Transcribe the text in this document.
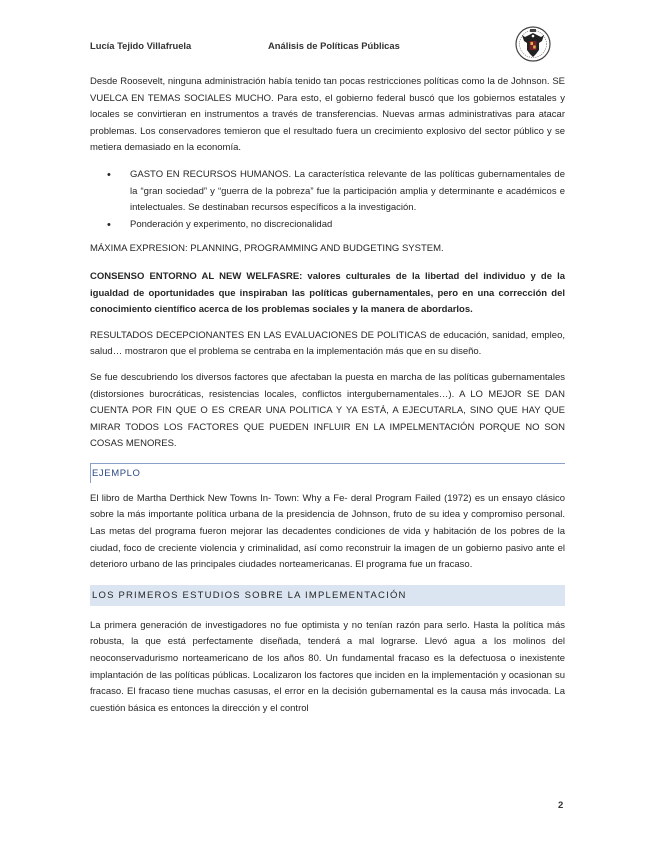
Lucía Tejido Villafruela	Análisis de Políticas Públicas

Desde Roosevelt, ninguna administración había tenido tan pocas restricciones políticas como la de Johnson. SE VUELCA EN TEMAS SOCIALES MUCHO. Para esto, el gobierno federal buscó que los gobiernos estatales y locales se convirtieran en instrumentos a través de transferencias. Nuevas armas administrativas para atacar problemas. Los conservadores temieron que el resultado fuera un crecimiento explosivo del sector público y se metiera demasiado en la economía.

• GASTO EN RECURSOS HUMANOS. La característica relevante de las políticas gubernamentales de la “gran sociedad” y “guerra de la pobreza” fue la participación amplia y determinante e académicos e intelectuales. Se destinaban recursos específicos a la investigación.
• Ponderación y experimento, no discrecionalidad

MÁXIMA EXPRESION: PLANNING, PROGRAMMING AND BUDGETING SYSTEM.

CONSENSO ENTORNO AL NEW WELFASRE: valores culturales de la libertad del individuo y de la igualdad de oportunidades que inspiraban las políticas gubernamentales, pero en una corrección del conocimiento científico acerca de los problemas sociales y la manera de abordarlos.

RESULTADOS DECEPCIONANTES EN LAS EVALUACIONES DE POLITICAS de educación, sanidad, empleo, salud… mostraron que el problema se centraba en la implementación más que en su diseño.

Se fue descubriendo los diversos factores que afectaban la puesta en marcha de las políticas gubernamentales (distorsiones burocráticas, resistencias locales, conflictos intergubernamentales…). A LO MEJOR SE DAN CUENTA POR FIN QUE O ES CREAR UNA POLITICA Y YA ESTÁ, A EJECUTARLA, SINO QUE HAY QUE MIRAR TODOS LOS FACTORES QUE PUEDEN INFLUIR EN LA IMPELMENTACIÓN PORQUE NO SON COSAS MENORES.

EJEMPLO

El libro de Martha Derthick New Towns In- Town: Why a Fe- deral Program Failed (1972) es un ensayo clásico sobre la más importante política urbana de la presidencia de Johnson, fruto de su idea y compromiso personal. Las metas del programa fueron mejorar las decadentes condiciones de vida y habitación de los pobres de la ciudad, foco de creciente violencia y criminalidad, así como reconstruir la imagen de un gobierno pasivo ante el deterioro urbano de las principales ciudades norteamericanas. El programa fue un fracaso.

LOS PRIMEROS ESTUDIOS SOBRE LA IMPLEMENTACIÓN

La primera generación de investigadores no fue optimista y no tenían razón para serlo. Hasta la política más robusta, la que está perfectamente diseñada, tenderá a mal lograrse. Llevó agua a los molinos del neoconservadurismo norteamericano de los años 80. Un fundamental fracaso es la defectuosa o inexistente implantación de las políticas públicas. Localizaron los factores que inciden en la implementación y ocasionan su fracaso. El fracaso tiene muchas casusas, el error en la decisión gubernamental es la causa más invocada. La cuestión básica es entonces la dirección y el control

2
